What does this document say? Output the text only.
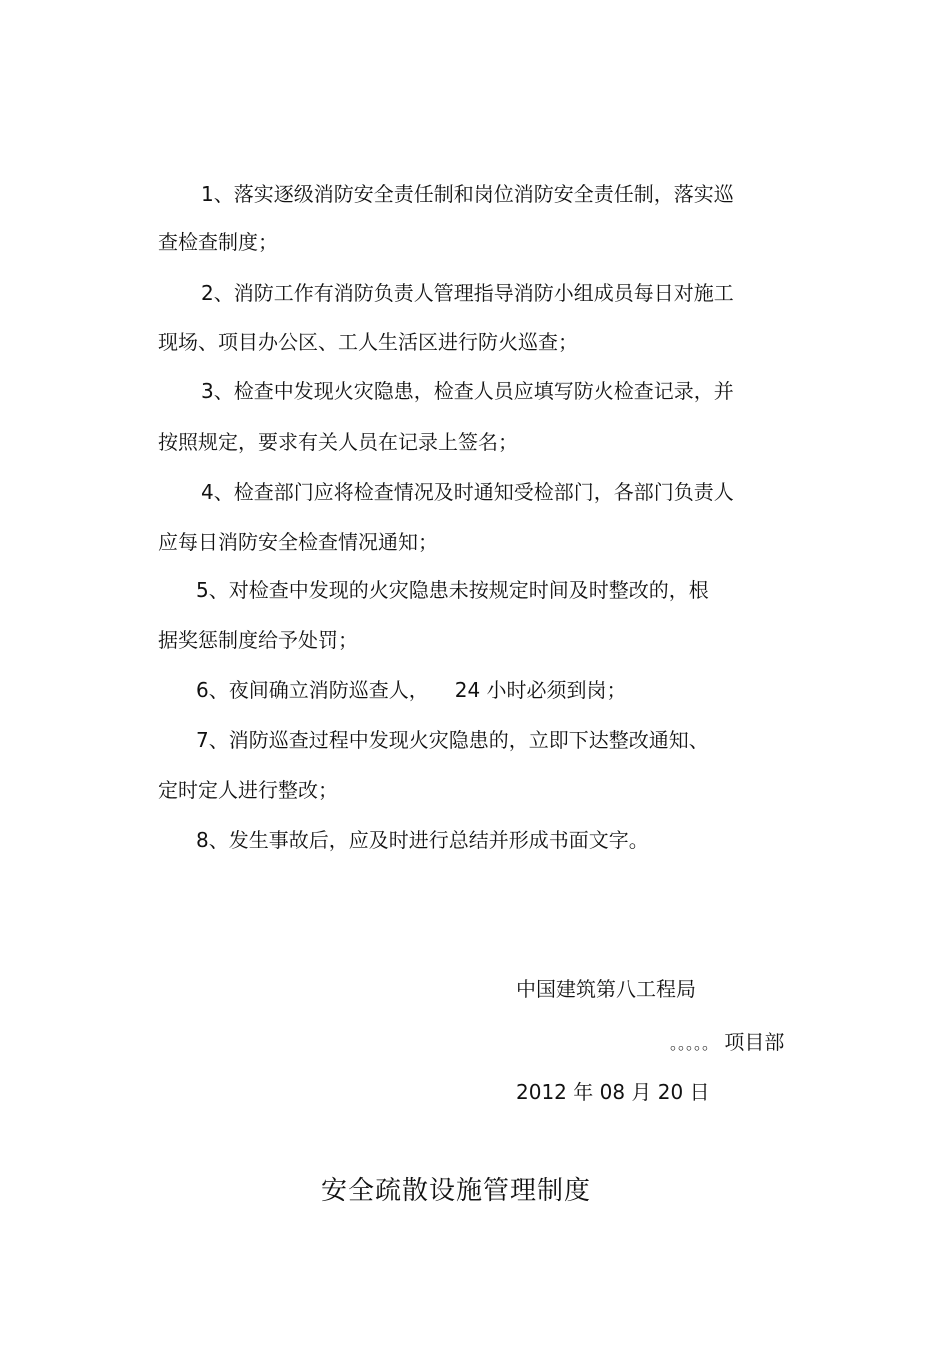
1、落实逐级消防安全责任制和岗位消防安全责任制，落实巡
查检查制度；
2、消防工作有消防负责人管理指导消防小组成员每日对施工
现场、项目办公区、工人生活区进行防火巡查；
3、检查中发现火灾隐患，检查人员应填写防火检查记录，并
按照规定，要求有关人员在记录上签名；
4、检查部门应将检查情况及时通知受检部门，各部门负责人
应每日消防安全检查情况通知；
5、对检查中发现的火灾隐患未按规定时间及时整改的，根
据奖惩制度给予处罚；
6、夜间确立消防巡查人， 24 小时必须到岗；
7、消防巡查过程中发现火灾隐患的，立即下达整改通知、
定时定人进行整改；
8、发生事故后，应及时进行总结并形成书面文字。
中国建筑第八工程局
。。。。。 项目部
2012 年 08 月 20 日
安全疏散设施管理制度
